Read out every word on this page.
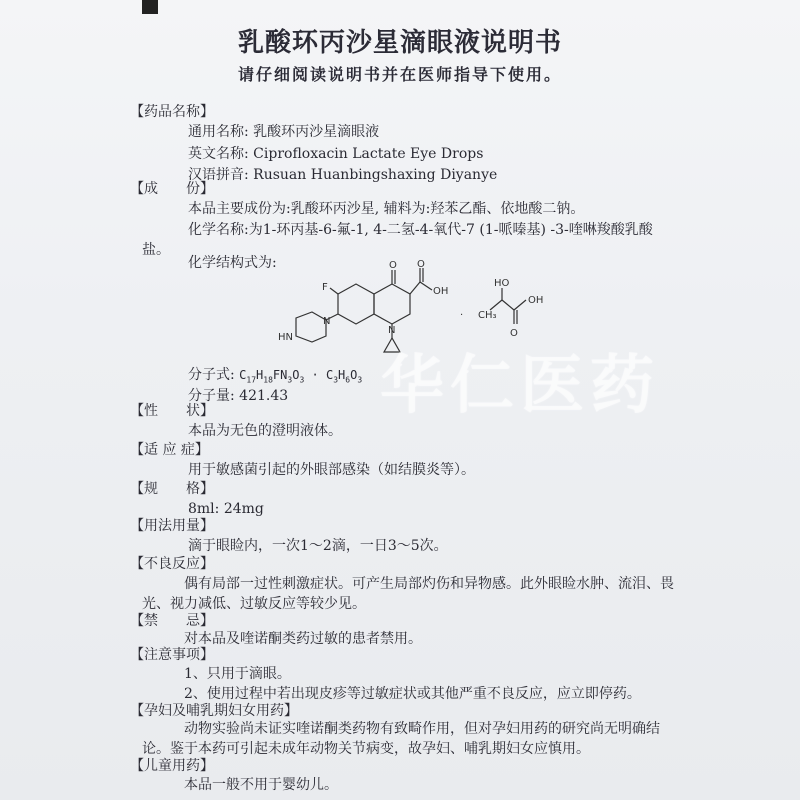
乳酸环丙沙星滴眼液说明书
请仔细阅读说明书并在医师指导下使用。
【药品名称】
通用名称: 乳酸环丙沙星滴眼液
英文名称: Ciprofloxacin Lactate Eye Drops
汉语拼音: Rusuan Huanbingshaxing Diyanye
【成　　份】
本品主要成份为:乳酸环丙沙星, 辅料为:羟苯乙酯、依地酸二钠。
化学名称:为1-环丙基-6-氟-1, 4-二氢-4-氧代-7 (1-哌嗪基) -3-喹啉羧酸乳酸
盐。
化学结构式为:
F
O O
OH
N
N
HN
· CH₃
HO
OH
O
分子式: $C_{17}H_{18}FN_3O_3 \cdot C_3H_6O_3$
分子量: 421.43
【性　　状】
本品为无色的澄明液体。
【适 应 症】
用于敏感菌引起的外眼部感染（如结膜炎等）。
【规　　格】
8ml: 24mg
【用法用量】
滴于眼睑内，一次1～2滴，一日3～5次。
【不良反应】
偶有局部一过性刺激症状。可产生局部灼伤和异物感。此外眼睑水肿、流泪、畏
光、视力减低、过敏反应等较少见。
【禁　　忌】
对本品及喹诺酮类药过敏的患者禁用。
【注意事项】
1、只用于滴眼。
2、使用过程中若出现皮疹等过敏症状或其他严重不良反应，应立即停药。
【孕妇及哺乳期妇女用药】
动物实验尚未证实喹诺酮类药物有致畸作用，但对孕妇用药的研究尚无明确结
论。鉴于本药可引起未成年动物关节病变，故孕妇、哺乳期妇女应慎用。
【儿童用药】
本品一般不用于婴幼儿。
华仁医药
